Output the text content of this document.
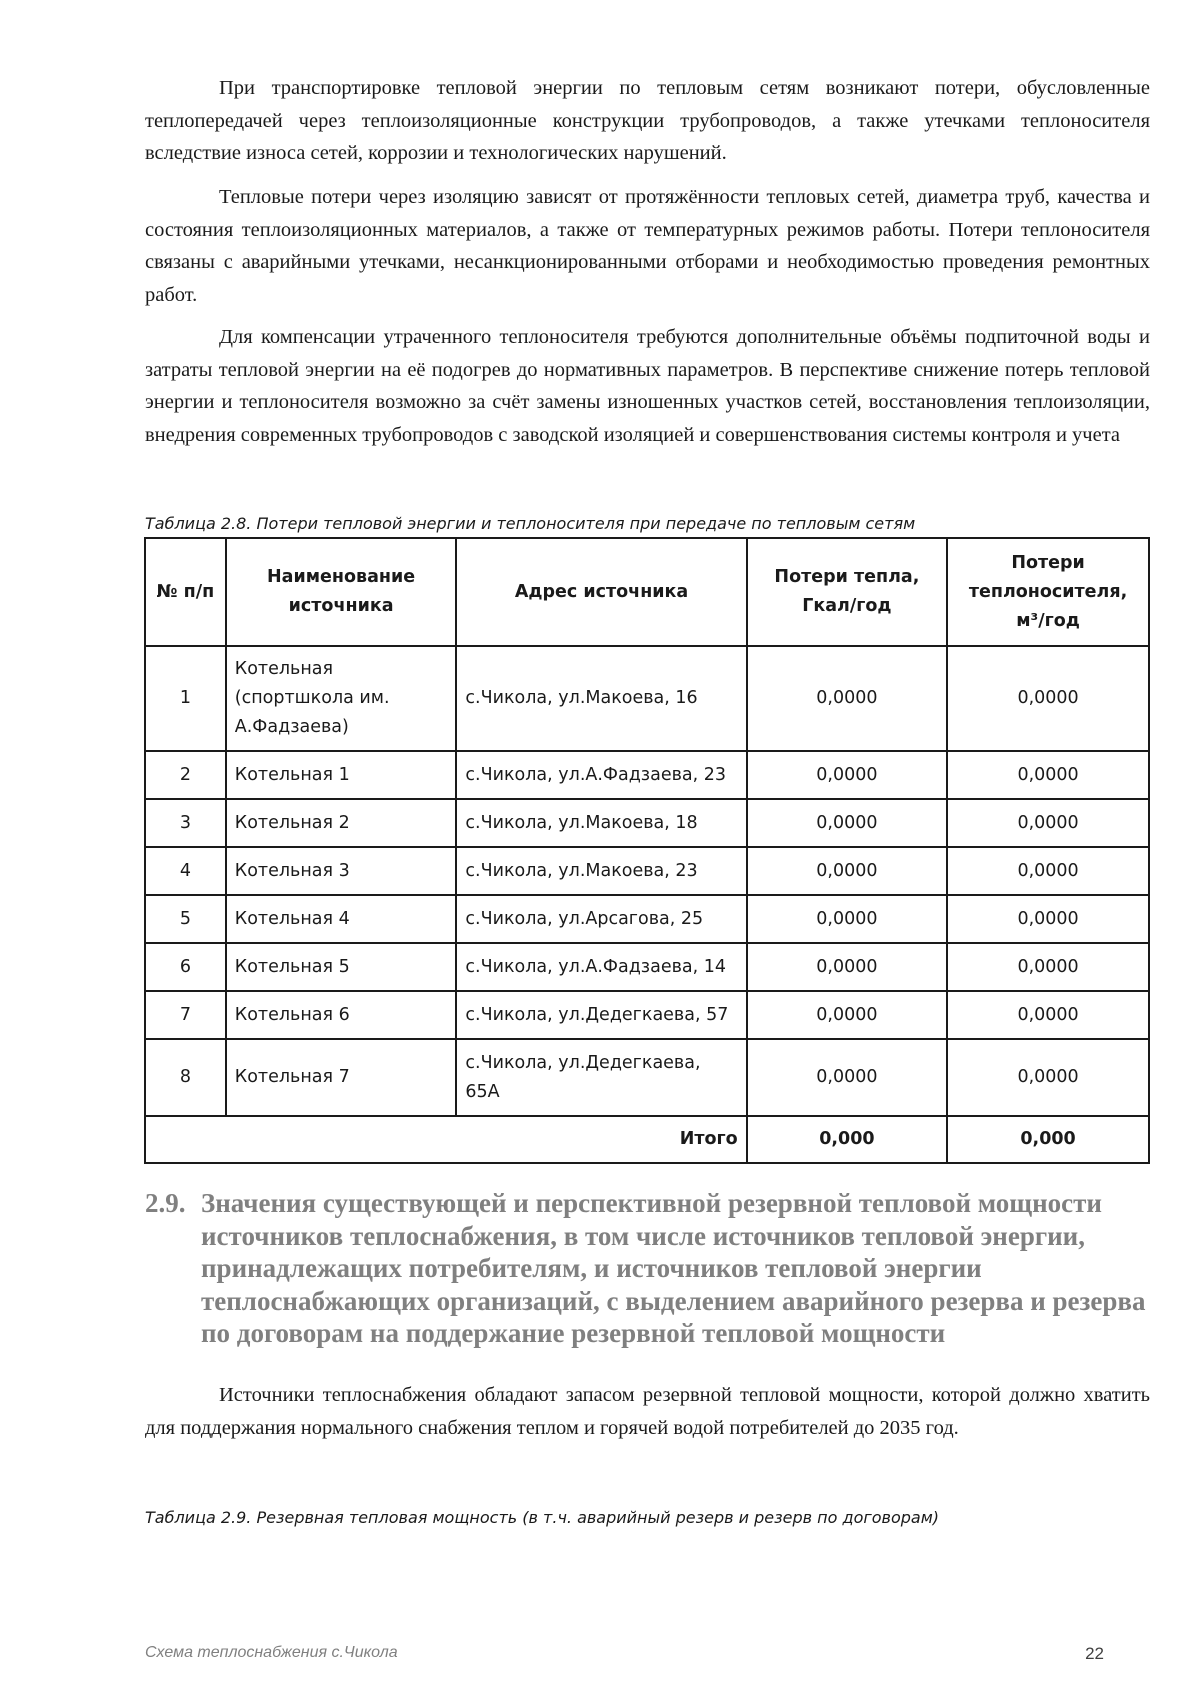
При транспортировке тепловой энергии по тепловым сетям возникают потери, обусловленные теплопередачей через теплоизоляционные конструкции трубопроводов, а также утечками теплоносителя вследствие износа сетей, коррозии и технологических нарушений.

Тепловые потери через изоляцию зависят от протяжённости тепловых сетей, диаметра труб, качества и состояния теплоизоляционных материалов, а также от температурных режимов работы. Потери теплоносителя связаны с аварийными утечками, несанкционированными отборами и необходимостью проведения ремонтных работ.

Для компенсации утраченного теплоносителя требуются дополнительные объёмы подпиточной воды и затраты тепловой энергии на её подогрев до нормативных параметров. В перспективе снижение потерь тепловой энергии и теплоносителя возможно за счёт замены изношенных участков сетей, восстановления теплоизоляции, внедрения современных трубопроводов с заводской изоляцией и совершенствования системы контроля и учета

Таблица 2.8. Потери тепловой энергии и теплоносителя при передаче по тепловым сетям

№ п/п	Наименование источника	Адрес источника	Потери тепла, Гкал/год	Потери теплоносителя, м³/год
1	Котельная (спортшкола им. А.Фадзаева)	с.Чикола, ул.Макоева, 16	0,0000	0,0000
2	Котельная 1	с.Чикола, ул.А.Фадзаева, 23	0,0000	0,0000
3	Котельная 2	с.Чикола, ул.Макоева, 18	0,0000	0,0000
4	Котельная 3	с.Чикола, ул.Макоева, 23	0,0000	0,0000
5	Котельная 4	с.Чикола, ул.Арсагова, 25	0,0000	0,0000
6	Котельная 5	с.Чикола, ул.А.Фадзаева, 14	0,0000	0,0000
7	Котельная 6	с.Чикола, ул.Дедегкаева, 57	0,0000	0,0000
8	Котельная 7	с.Чикола, ул.Дедегкаева, 65А	0,0000	0,0000
Итого			0,000	0,000
2.9. Значения существующей и перспективной резервной тепловой мощности источников теплоснабжения, в том числе источников тепловой энергии, принадлежащих потребителям, и источников тепловой энергии теплоснабжающих организаций, с выделением аварийного резерва и резерва по договорам на поддержание резервной тепловой мощности

Источники теплоснабжения обладают запасом резервной тепловой мощности, которой должно хватить для поддержания нормального снабжения теплом и горячей водой потребителей до 2035 год.

Таблица 2.9. Резервная тепловая мощность (в т.ч. аварийный резерв и резерв по договорам)

Схема теплоснабжения с.Чикола	22
